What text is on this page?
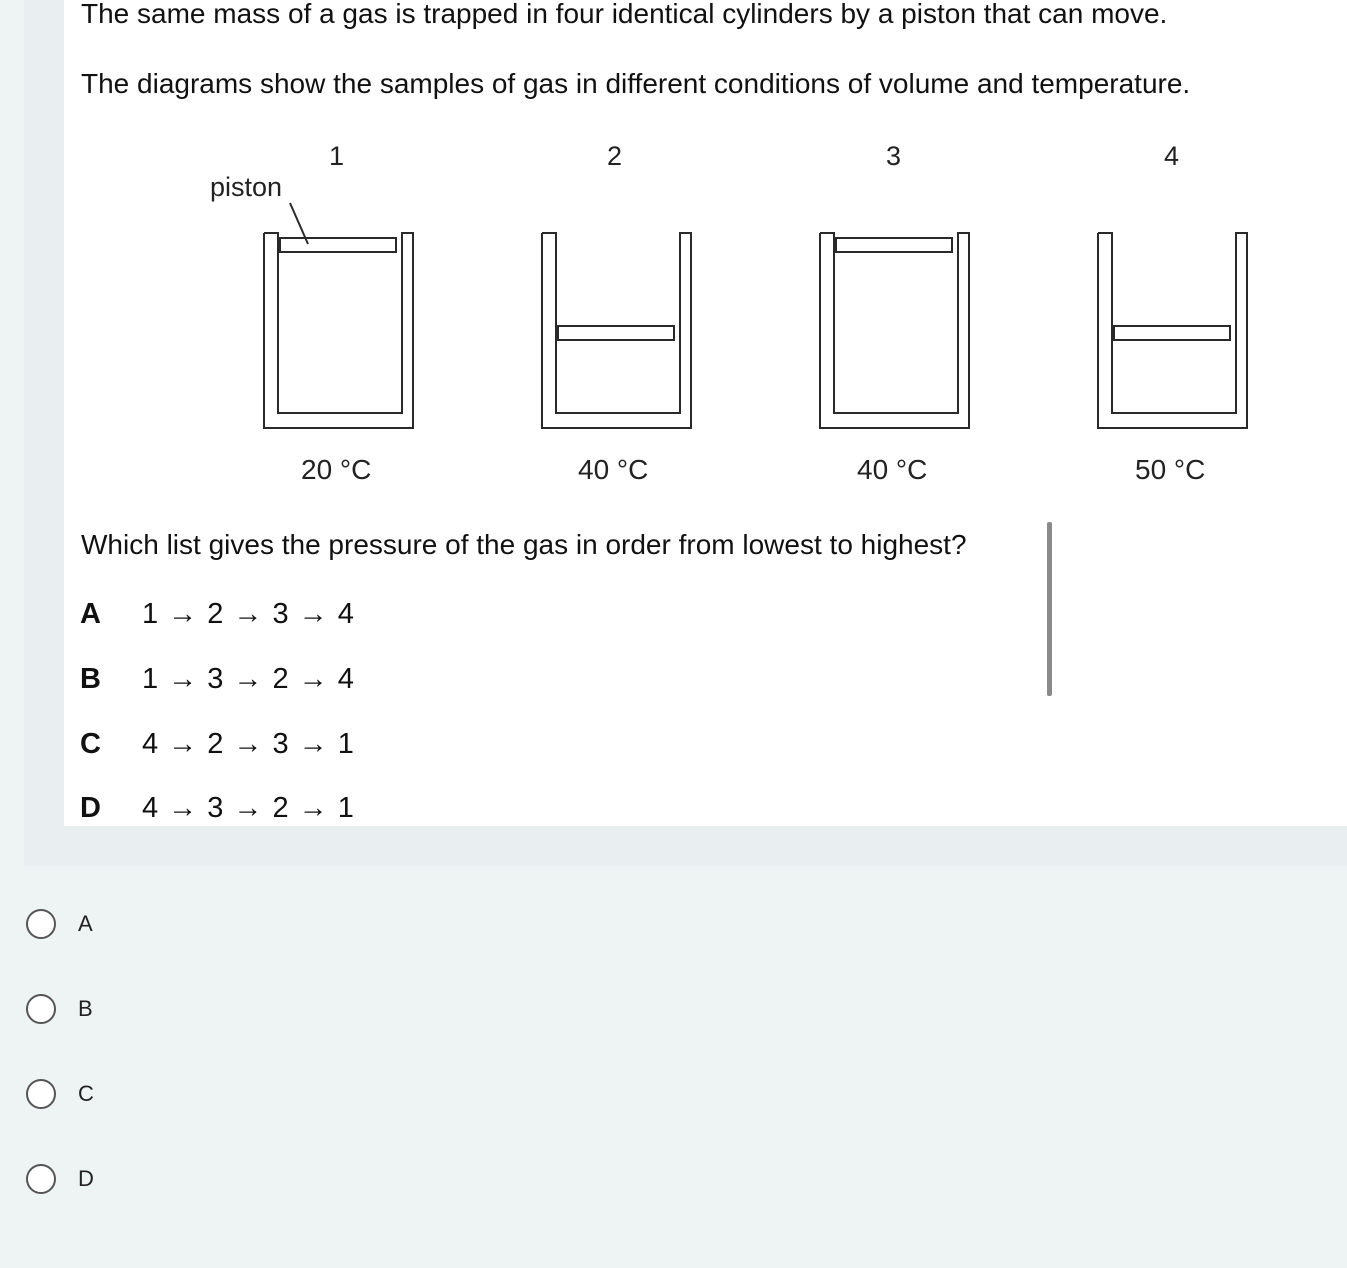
The same mass of a gas is trapped in four identical cylinders by a piston that can move.
The diagrams show the samples of gas in different conditions of volume and temperature.
1	2	3	4
piston
20 °C	40 °C	40 °C	50 °C
Which list gives the pressure of the gas in order from lowest to highest?
A 1 → 2 → 3 → 4
B 1 → 3 → 2 → 4
C 4 → 2 → 3 → 1
D 4 → 3 → 2 → 1
A
B
C
D
